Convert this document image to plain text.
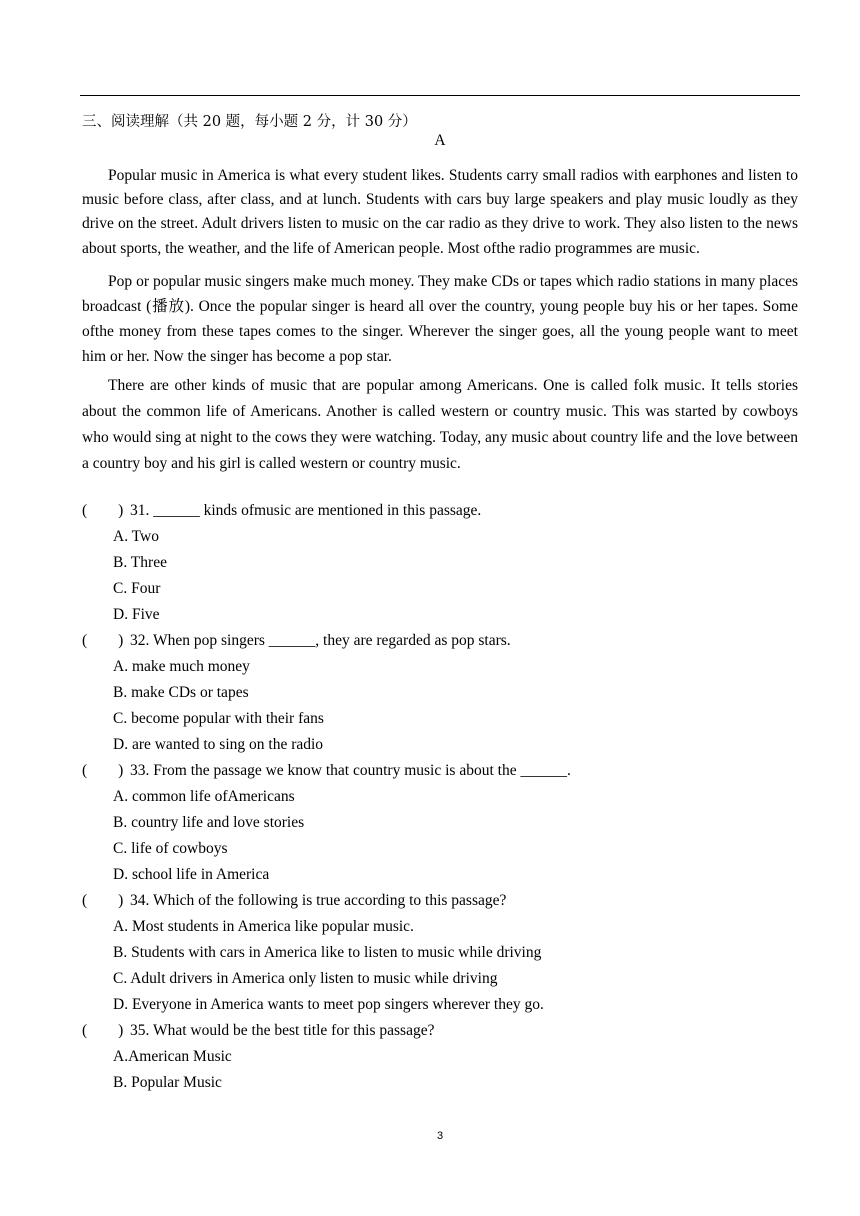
三、阅读理解（共 20 题，每小题 2 分，计 30 分）
A

Popular music in America is what every student likes. Students carry small radios with earphones and listen to music before class, after class, and at lunch. Students with cars buy large speakers and play music loudly as they drive on the street. Adult drivers listen to music on the car radio as they drive to work. They also listen to the news about sports, the weather, and the life of American people. Most ofthe radio programmes are music.

Pop or popular music singers make much money. They make CDs or tapes which radio stations in many places broadcast (播放). Once the popular singer is heard all over the country, young people buy his or her tapes. Some ofthe money from these tapes comes to the singer. Wherever the singer goes, all the young people want to meet him or her. Now the singer has become a pop star.

There are other kinds of music that are popular among Americans. One is called folk music. It tells stories about the common life of Americans. Another is called western or country music. This was started by cowboys who would sing at night to the cows they were watching. Today, any music about country life and the love between a country boy and his girl is called western or country music.

(        ) 31. ______ kinds ofmusic are mentioned in this passage.
A. Two
B. Three
C. Four
D. Five
(        ) 32. When pop singers ______, they are regarded as pop stars.
A. make much money
B. make CDs or tapes
C. become popular with their fans
D. are wanted to sing on the radio
(        ) 33. From the passage we know that country music is about the ______.
A. common life ofAmericans
B. country life and love stories
C. life of cowboys
D. school life in America
(        ) 34. Which of the following is true according to this passage?
A. Most students in America like popular music.
B. Students with cars in America like to listen to music while driving
C. Adult drivers in America only listen to music while driving
D. Everyone in America wants to meet pop singers wherever they go.
(        ) 35. What would be the best title for this passage?
A.American Music
B. Popular Music
3
